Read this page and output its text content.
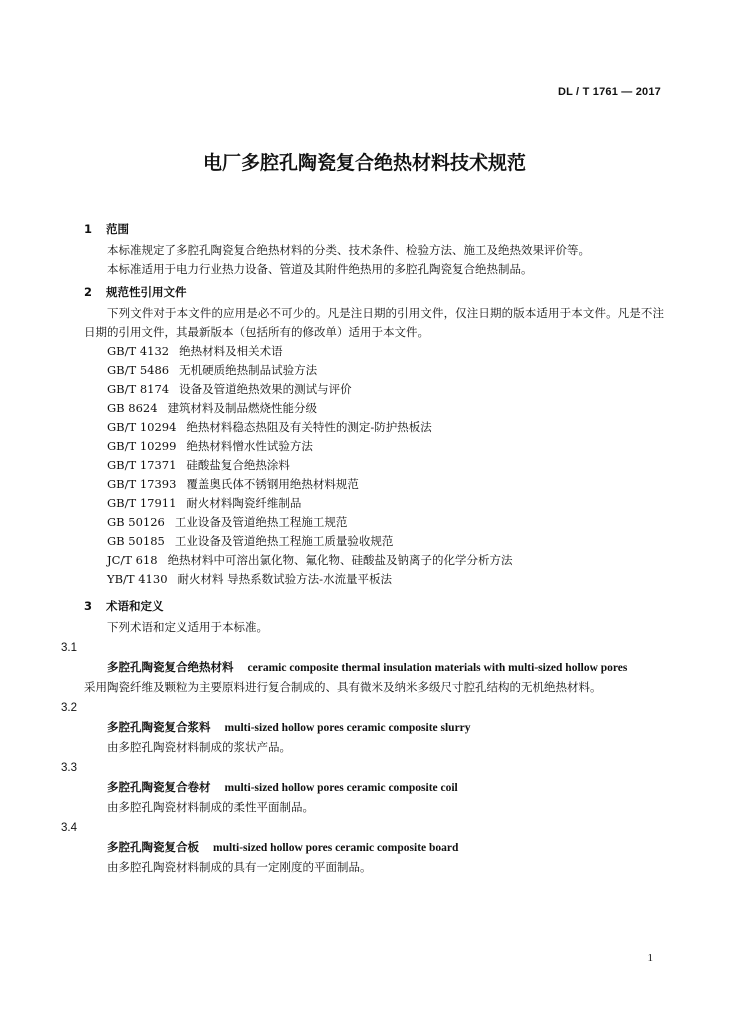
DL / T 1761 — 2017
电厂多腔孔陶瓷复合绝热材料技术规范
1 范围
本标准规定了多腔孔陶瓷复合绝热材料的分类、技术条件、检验方法、施工及绝热效果评价等。
本标准适用于电力行业热力设备、管道及其附件绝热用的多腔孔陶瓷复合绝热制品。
2 规范性引用文件
下列文件对于本文件的应用是必不可少的。凡是注日期的引用文件，仅注日期的版本适用于本文件。凡是不注日期的引用文件，其最新版本（包括所有的修改单）适用于本文件。
GB/T 4132 绝热材料及相关术语
GB/T 5486 无机硬质绝热制品试验方法
GB/T 8174 设备及管道绝热效果的测试与评价
GB 8624 建筑材料及制品燃烧性能分级
GB/T 10294 绝热材料稳态热阻及有关特性的测定-防护热板法
GB/T 10299 绝热材料憎水性试验方法
GB/T 17371 硅酸盐复合绝热涂料
GB/T 17393 覆盖奥氏体不锈钢用绝热材料规范
GB/T 17911 耐火材料陶瓷纤维制品
GB 50126 工业设备及管道绝热工程施工规范
GB 50185 工业设备及管道绝热工程施工质量验收规范
JC/T 618 绝热材料中可溶出氯化物、氟化物、硅酸盐及钠离子的化学分析方法
YB/T 4130 耐火材料 导热系数试验方法-水流量平板法
3 术语和定义
下列术语和定义适用于本标准。
3.1
多腔孔陶瓷复合绝热材料 ceramic composite thermal insulation materials with multi-sized hollow pores
采用陶瓷纤维及颗粒为主要原料进行复合制成的、具有微米及纳米多级尺寸腔孔结构的无机绝热材料。
3.2
多腔孔陶瓷复合浆料 multi-sized hollow pores ceramic composite slurry
由多腔孔陶瓷材料制成的浆状产品。
3.3
多腔孔陶瓷复合卷材 multi-sized hollow pores ceramic composite coil
由多腔孔陶瓷材料制成的柔性平面制品。
3.4
多腔孔陶瓷复合板 multi-sized hollow pores ceramic composite board
由多腔孔陶瓷材料制成的具有一定刚度的平面制品。
1
